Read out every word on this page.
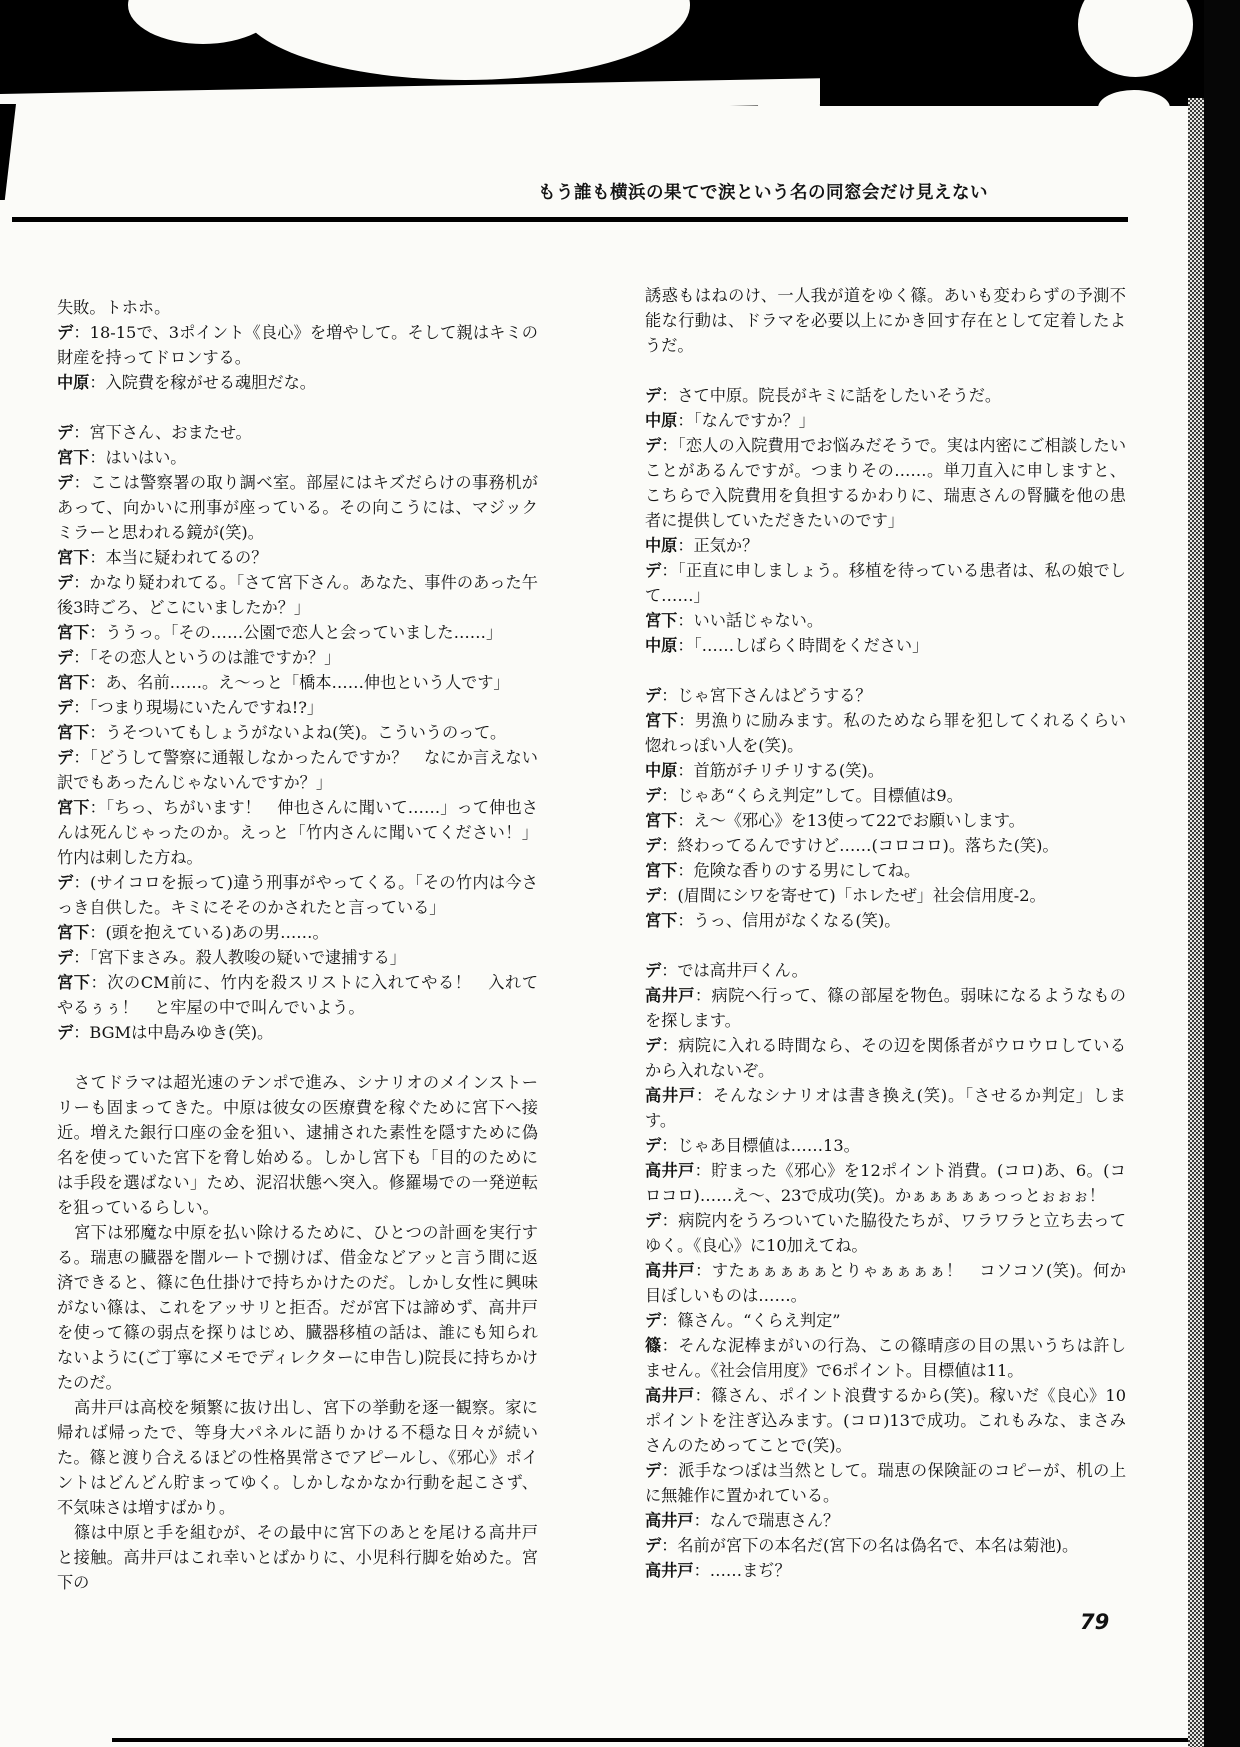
もう誰も横浜の果てで涙という名の同窓会だけ見えない

失敗。トホホ。

デ：18-15で、3ポイント《良心》を増やして。そして親はキミの財産を持ってドロンする。

中原：入院費を稼がせる魂胆だな。

デ：宮下さん、おまたせ。

宮下：はいはい。

デ：ここは警察署の取り調べ室。部屋にはキズだらけの事務机があって、向かいに刑事が座っている。その向こうには、マジックミラーと思われる鏡が(笑)。

宮下：本当に疑われてるの？

デ：かなり疑われてる。「さて宮下さん。あなた、事件のあった午後3時ごろ、どこにいましたか？」

宮下：ううっ。「その……公園で恋人と会っていました……」

デ：「その恋人というのは誰ですか？」

宮下：あ、名前……。え〜っと「橋本……伸也という人です」

デ：「つまり現場にいたんですね!?」

宮下：うそついてもしょうがないよね(笑)。こういうのって。

デ：「どうして警察に通報しなかったんですか？　なにか言えない訳でもあったんじゃないんですか？」

宮下：「ちっ、ちがいます！　伸也さんに聞いて……」って伸也さんは死んじゃったのか。えっと「竹内さんに聞いてください！」竹内は刺した方ね。

デ：(サイコロを振って)違う刑事がやってくる。「その竹内は今さっき自供した。キミにそそのかされたと言っている」

宮下：(頭を抱えている)あの男……。

デ：「宮下まさみ。殺人教唆の疑いで逮捕する」

宮下：次のCM前に、竹内を殺スリストに入れてやる！　入れてやるぅぅ！　と牢屋の中で叫んでいよう。

デ：BGMは中島みゆき(笑)。

さてドラマは超光速のテンポで進み、シナリオのメインストーリーも固まってきた。中原は彼女の医療費を稼ぐために宮下へ接近。増えた銀行口座の金を狙い、逮捕された素性を隠すために偽名を使っていた宮下を脅し始める。しかし宮下も「目的のためには手段を選ばない」ため、泥沼状態へ突入。修羅場での一発逆転を狙っているらしい。

宮下は邪魔な中原を払い除けるために、ひとつの計画を実行する。瑞恵の臓器を闇ルートで捌けば、借金などアッと言う間に返済できると、篠に色仕掛けで持ちかけたのだ。しかし女性に興味がない篠は、これをアッサリと拒否。だが宮下は諦めず、高井戸を使って篠の弱点を探りはじめ、臓器移植の話は、誰にも知られないように(ご丁寧にメモでディレクターに申告し)院長に持ちかけたのだ。

高井戸は高校を頻繁に抜け出し、宮下の挙動を逐一観察。家に帰れば帰ったで、等身大パネルに語りかける不穏な日々が続いた。篠と渡り合えるほどの性格異常さでアピールし、《邪心》ポイントはどんどん貯まってゆく。しかしなかなか行動を起こさず、不気味さは増すばかり。

篠は中原と手を組むが、その最中に宮下のあとを尾ける高井戸と接触。高井戸はこれ幸いとばかりに、小児科行脚を始めた。宮下の

誘惑もはねのけ、一人我が道をゆく篠。あいも変わらずの予測不能な行動は、ドラマを必要以上にかき回す存在として定着したようだ。

デ：さて中原。院長がキミに話をしたいそうだ。

中原：「なんですか？」

デ：「恋人の入院費用でお悩みだそうで。実は内密にご相談したいことがあるんですが。つまりその……。単刀直入に申しますと、こちらで入院費用を負担するかわりに、瑞恵さんの腎臓を他の患者に提供していただきたいのです」

中原：正気か？

デ：「正直に申しましょう。移植を待っている患者は、私の娘でして……」

宮下：いい話じゃない。

中原：「……しばらく時間をください」

デ：じゃ宮下さんはどうする？

宮下：男漁りに励みます。私のためなら罪を犯してくれるくらい惚れっぽい人を(笑)。

中原：首筋がチリチリする(笑)。

デ：じゃあ“くらえ判定”して。目標値は9。

宮下：え〜《邪心》を13使って22でお願いします。

デ：終わってるんですけど……(コロコロ)。落ちた(笑)。

宮下：危険な香りのする男にしてね。

デ：(眉間にシワを寄せて)「ホレたぜ」社会信用度-2。

宮下：うっ、信用がなくなる(笑)。

デ：では高井戸くん。

高井戸：病院へ行って、篠の部屋を物色。弱味になるようなものを探します。

デ：病院に入れる時間なら、その辺を関係者がウロウロしているから入れないぞ。

高井戸：そんなシナリオは書き換え(笑)。「させるか判定」します。

デ：じゃあ目標値は……13。

高井戸：貯まった《邪心》を12ポイント消費。(コロ)あ、6。(コロコロ)……え〜、23で成功(笑)。かぁぁぁぁぁっっとぉぉぉ！

デ：病院内をうろついていた脇役たちが、ワラワラと立ち去ってゆく。《良心》に10加えてね。

高井戸：すたぁぁぁぁぁとりゃぁぁぁぁ！　コソコソ(笑)。何か目ぼしいものは……。

デ：篠さん。“くらえ判定”

篠：そんな泥棒まがいの行為、この篠晴彦の目の黒いうちは許しません。《社会信用度》で6ポイント。目標値は11。

高井戸：篠さん、ポイント浪費するから(笑)。稼いだ《良心》10ポイントを注ぎ込みます。(コロ)13で成功。これもみな、まさみさんのためってことで(笑)。

デ：派手なつぼは当然として。瑞恵の保険証のコピーが、机の上に無雑作に置かれている。

高井戸：なんで瑞恵さん？

デ：名前が宮下の本名だ(宮下の名は偽名で、本名は菊池)。

高井戸：……まぢ？

79
